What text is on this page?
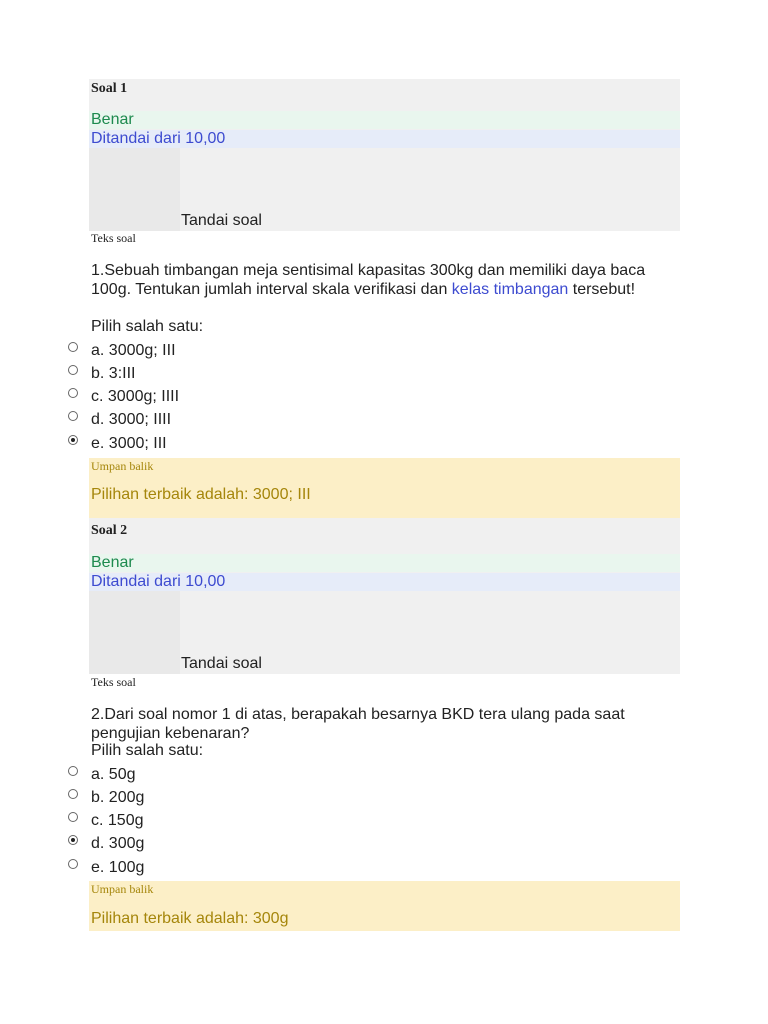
Soal 1
Benar
Ditandai dari 10,00
Tandai soal
Teks soal
1.Sebuah timbangan meja sentisimal kapasitas 300kg dan memiliki daya baca 100g. Tentukan jumlah interval skala verifikasi dan kelas timbangan tersebut!
Pilih salah satu:
a. 3000g; III
b. 3:III
c. 3000g; IIII
d. 3000; IIII
e. 3000; III
Umpan balik
Pilihan terbaik adalah: 3000; III
Soal 2
Benar
Ditandai dari 10,00
Tandai soal
Teks soal
2.Dari soal nomor 1 di atas, berapakah besarnya BKD tera ulang pada saat pengujian kebenaran?
Pilih salah satu:
a. 50g
b. 200g
c. 150g
d. 300g
e. 100g
Umpan balik
Pilihan terbaik adalah: 300g
